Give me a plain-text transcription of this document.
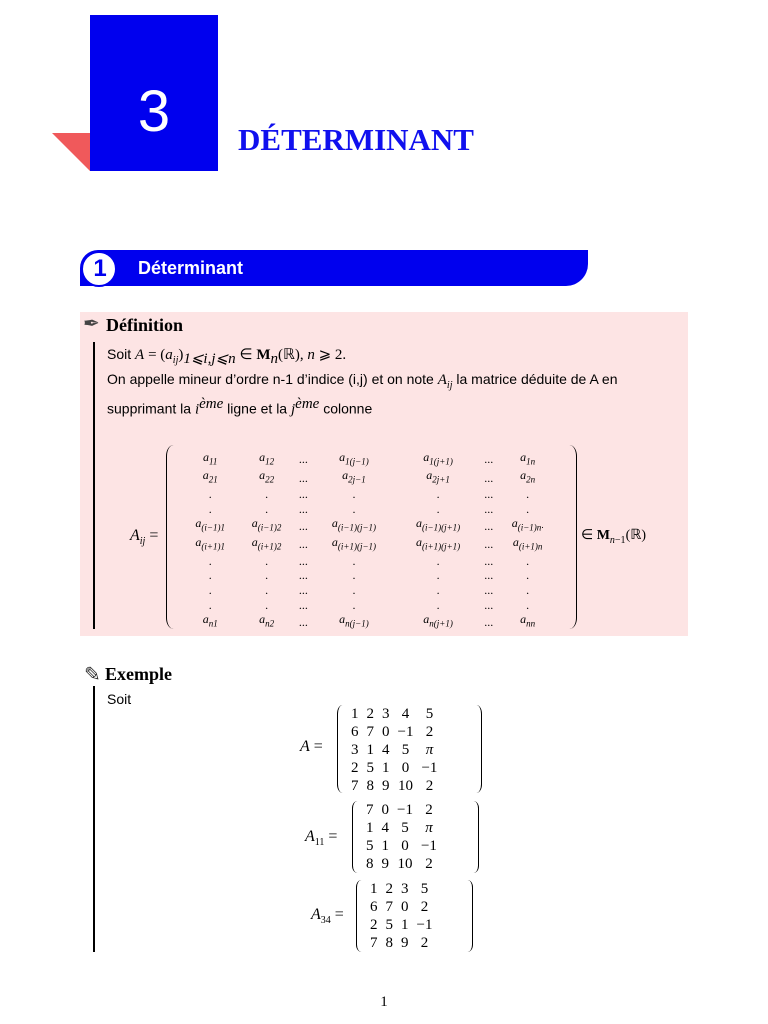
3	DÉTERMINANT
1	Déterminant
✒ Définition
Soit $A = (a_{ij})_{1⩽i,j⩽n}$ ∈ $M_n(ℝ)$, n ⩾ 2.
On appelle mineur d’ordre n-1 d’indice (i,j) et on note $A_{ij}$ la matrice déduite de A en supprimant la $i^{ème}$ ligne et la $j^{ème}$ colonne
$A_{ij}$ =
$a_{11}$	$a_{12}$	...	$a_{1(j-1)}$	$a_{1(j+1)}$	...	$a_{1n}$
$a_{21}$	$a_{22}$	...	$a_{2j-1}$	$a_{2j+1}$	...	$a_{2n}$
.	.	...	.	.	...	.
.	.	...	.	.	...	.
$a_{(i-1)1}$	$a_{(i-1)2}$	...	$a_{(i-1)(j-1)}$	$a_{(i-1)(j+1)}$	...	$a_{(i-1)n\cdot}$
$a_{(i+1)1}$	$a_{(i+1)2}$	...	$a_{(i+1)(j-1)}$	$a_{(i+1)(j+1)}$	...	$a_{(i+1)n}$
.	.	...	.	.	...	.
.	.	...	.	.	...	.
.	.	...	.	.	...	.
.	.	...	.	.	...	.
$a_{n1}$	$a_{n2}$	...	$a_{n(j-1)}$	$a_{n(j+1)}$	...	$a_{nn}$
∈ $M_{n-1}(ℝ)$
✎ Exemple
Soit
A =
1	2	3	4	5
6	7	0	−1	2
3	1	4	5	π
2	5	1	0	−1
7	8	9	10	2
$A_{11}$ =
7	0	−1	2
1	4	5	π
5	1	0	−1
8	9	10	2
$A_{34}$ =
1	2	3	5
6	7	0	2
2	5	1	−1
7	8	9	2
1
